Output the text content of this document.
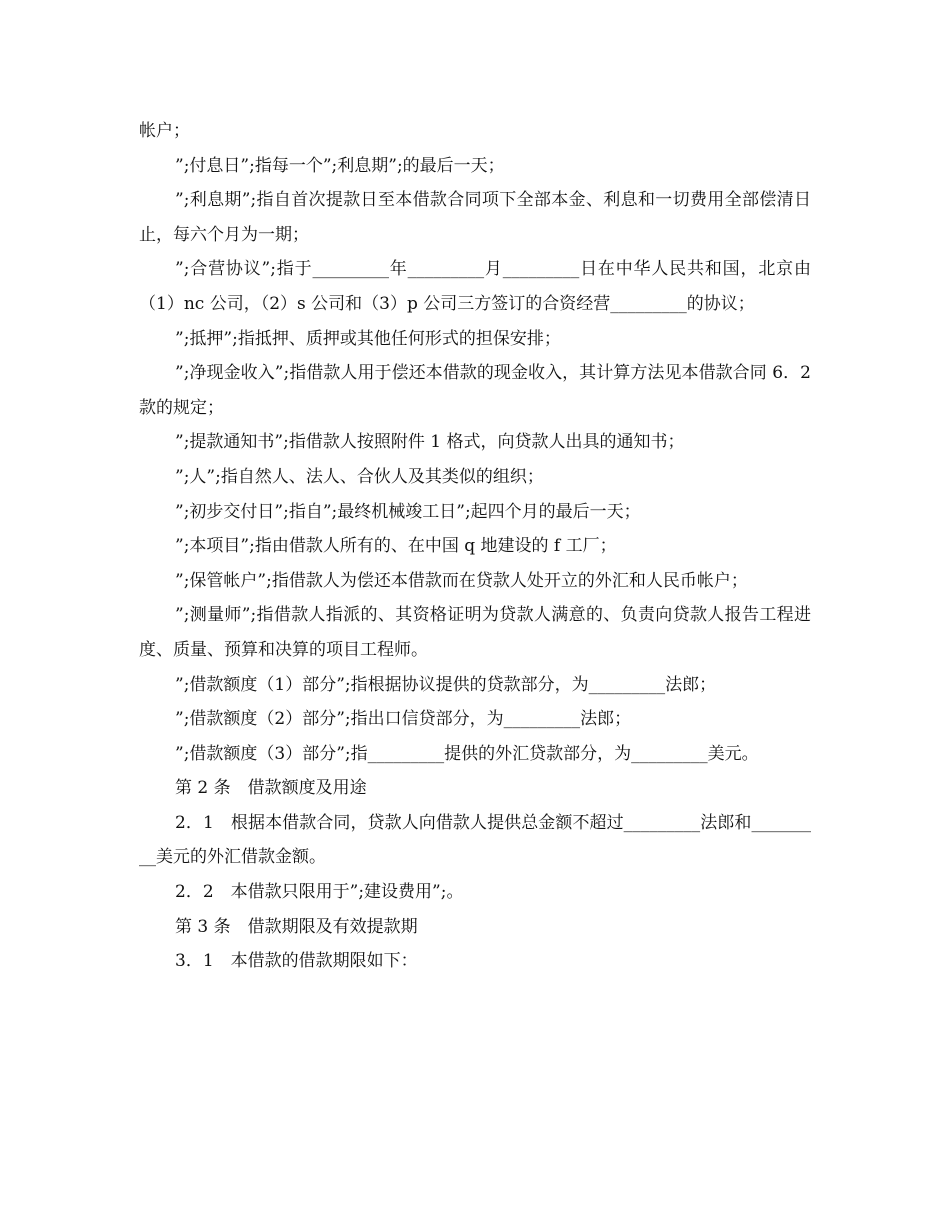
帐户；

”;付息日”;指每一个”;利息期”;的最后一天；

”;利息期”;指自首次提款日至本借款合同项下全部本金、利息和一切费用全部偿清日止，每六个月为一期；

”;合营协议”;指于_________年_________月_________日在中华人民共和国，北京由（1）nc 公司，（2）s 公司和（3）p 公司三方签订的合资经营_________的协议；

”;抵押”;指抵押、质押或其他任何形式的担保安排；

”;净现金收入”;指借款人用于偿还本借款的现金收入，其计算方法见本借款合同 6．2 款的规定；

”;提款通知书”;指借款人按照附件 1 格式，向贷款人出具的通知书；

”;人”;指自然人、法人、合伙人及其类似的组织；

”;初步交付日”;指自”;最终机械竣工日”;起四个月的最后一天；

”;本项目”;指由借款人所有的、在中国 q 地建设的 f 工厂；

”;保管帐户”;指借款人为偿还本借款而在贷款人处开立的外汇和人民币帐户；

”;测量师”;指借款人指派的、其资格证明为贷款人满意的、负责向贷款人报告工程进度、质量、预算和决算的项目工程师。

”;借款额度（1）部分”;指根据协议提供的贷款部分，为_________法郎；

”;借款额度（2）部分”;指出口信贷部分，为_________法郎；

”;借款额度（3）部分”;指_________提供的外汇贷款部分，为_________美元。

第 2 条　借款额度及用途

2．1　根据本借款合同，贷款人向借款人提供总金额不超过_________法郎和_________美元的外汇借款金额。

2．2　本借款只限用于”;建设费用”;。

第 3 条　借款期限及有效提款期

3．1　本借款的借款期限如下：
